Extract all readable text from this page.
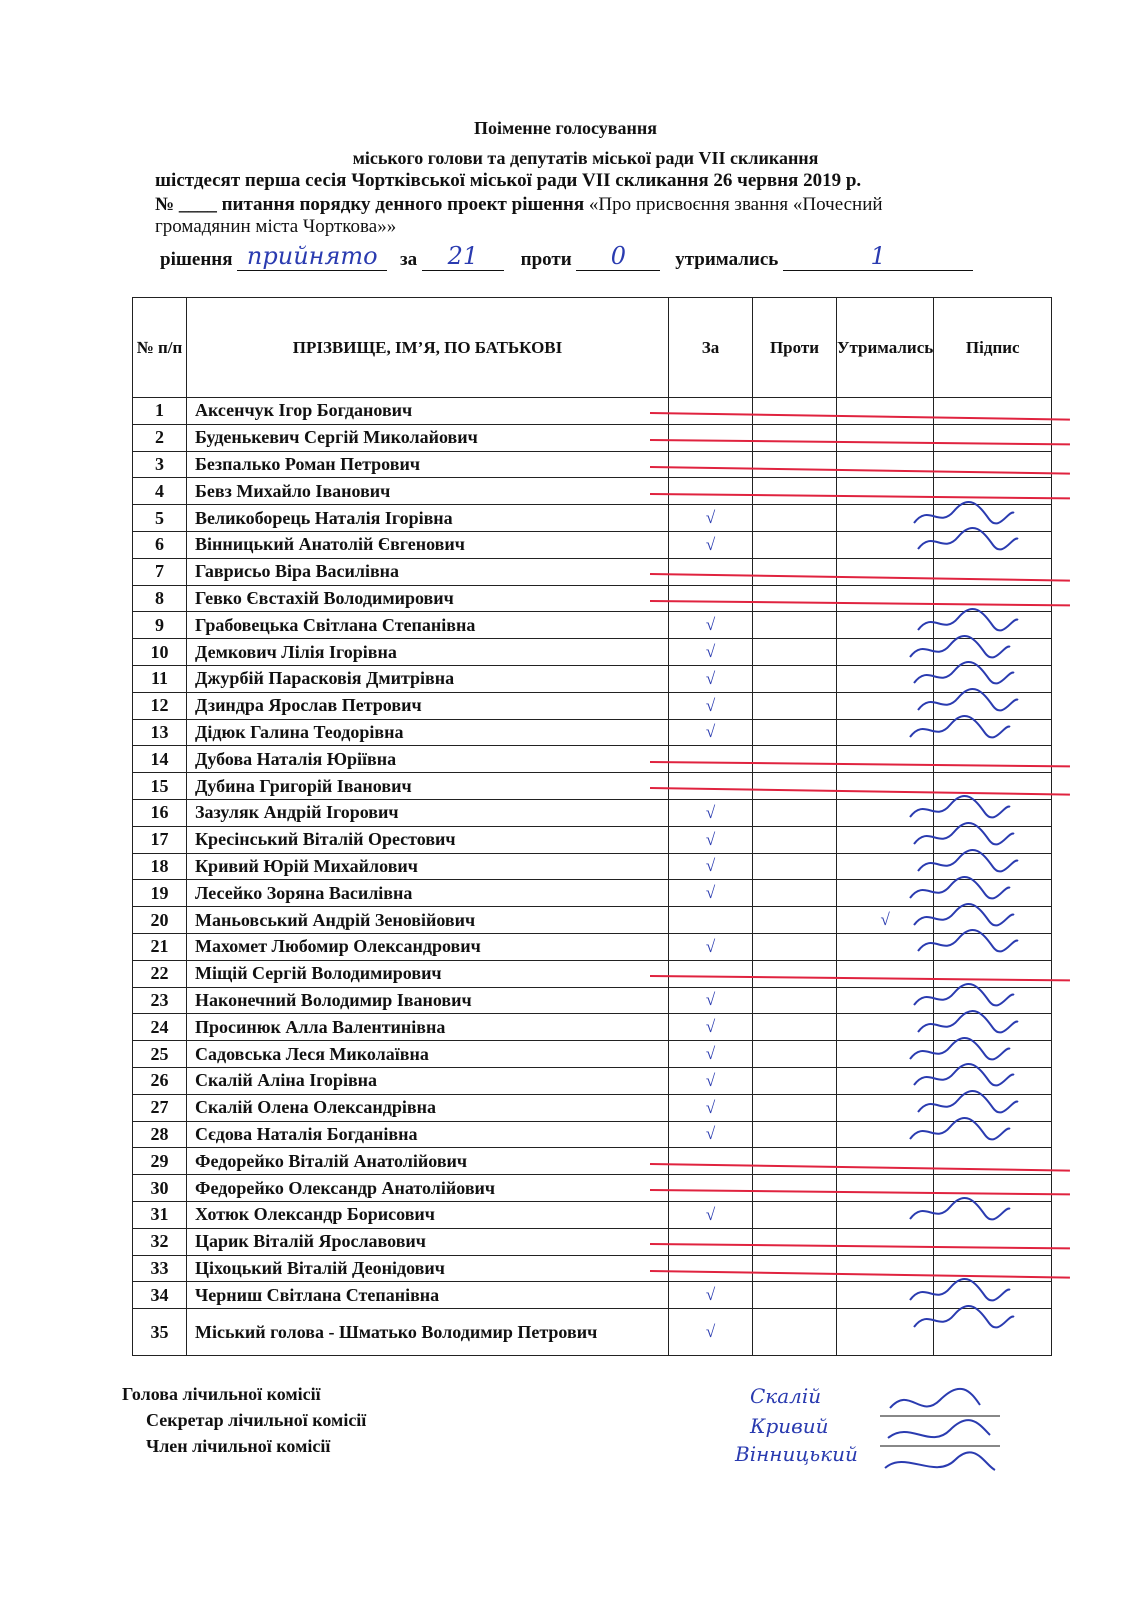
Поіменне голосування
міського голови та депутатів міської ради VII скликання
шістдесят перша сесія Чортківської міської ради VII скликання 26 червня 2019 р.
№ ____ питання порядку денного проект рішення «Про присвоєння звання «Почесний
громадянин міста Чорткова»»
рішення прийнято	за	21	проти	0	утримались	1
№ п/п	ПРІЗВИЩЕ, ІМ’Я, ПО БАТЬКОВІ	За	Проти	Утримались	Підпис
1	Аксенчук Ігор Богданович				
2	Буденькевич Сергій Миколайович				
3	Безпалько Роман Петрович				
4	Бевз Михайло Іванович				
5	Великоборець Наталія Ігорівна	√			
6	Вінницький Анатолій Євгенович	√			
7	Гаврисьо Віра Василівна				
8	Гевко Євстахій Володимирович				
9	Грабовецька Світлана Степанівна	√			
10	Демкович Лілія Ігорівна	√			
11	Джурбій Парасковія Дмитрівна	√			
12	Дзиндра Ярослав Петрович	√			
13	Дідюк Галина Теодорівна	√			
14	Дубова Наталія Юріївна				
15	Дубина Григорій Іванович				
16	Зазуляк Андрій Ігорович	√			
17	Кресінський Віталій Орестович	√			
18	Кривий Юрій Михайлович	√			
19	Лесейко Зоряна Василівна	√			
20	Маньовський Андрій Зеновійович			√	
21	Махомет Любомир Олександрович	√			
22	Міщій Сергій Володимирович				
23	Наконечний Володимир Іванович	√			
24	Просинюк Алла Валентинівна	√			
25	Садовська Леся Миколаївна	√			
26	Скалій Аліна Ігорівна	√			
27	Скалій Олена Олександрівна	√			
28	Сєдова Наталія Богданівна	√			
29	Федорейко Віталій Анатолійович				
30	Федорейко Олександр Анатолійович				
31	Хотюк Олександр Борисович	√			
32	Царик Віталій Ярославович				
33	Ціхоцький Віталій Деонідович				
34	Черниш Світлана Степанівна	√			
35	Міський голова - Шматько Володимир Петрович	√			
Голова лічильної комісії
Секретар лічильної комісії
Член лічильної комісії
Скалій
Кривий
Вінницький
